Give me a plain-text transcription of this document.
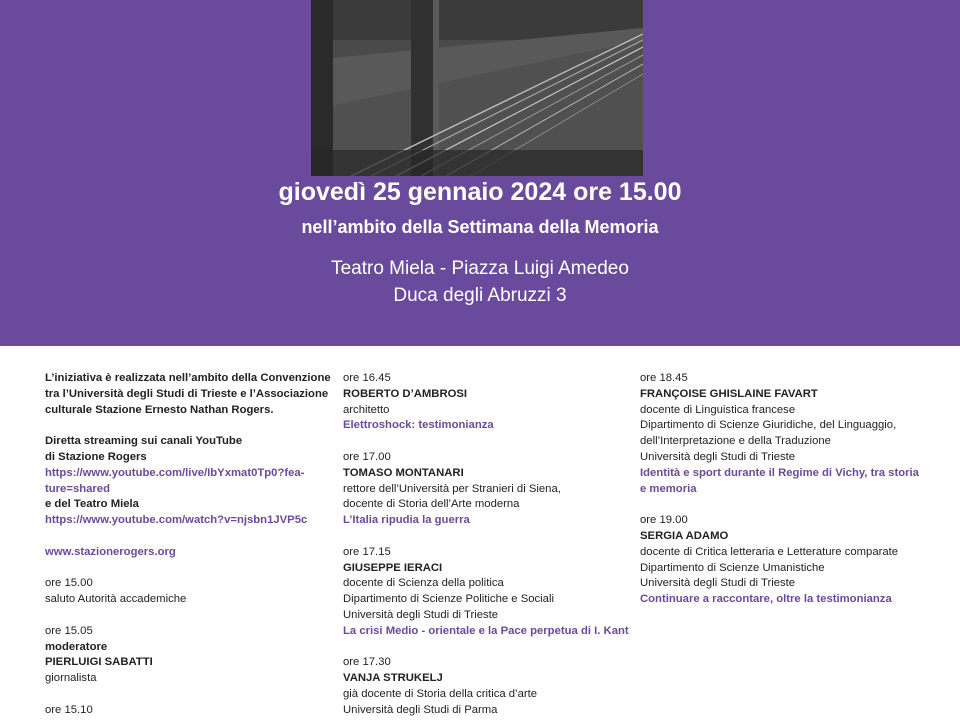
giovedì 25 gennaio 2024 ore 15.00
nell’ambito della Settimana della Memoria
Teatro Miela - Piazza Luigi Amedeo
Duca degli Abruzzi 3
L’iniziativa è realizzata nell’ambito della Convenzione
tra l’Università degli Studi di Trieste e l’Associazione
culturale Stazione Ernesto Nathan Rogers.
Diretta streaming sui canali YouTube
di Stazione Rogers
https://www.youtube.com/live/IbYxmat0Tp0?fea-
ture=shared
e del Teatro Miela
https://www.youtube.com/watch?v=njsbn1JVP5c
www.stazionerogers.org
ore 15.00
saluto Autorità accademiche
ore 15.05
moderatore
PIERLUIGI SABATTI
giornalista
ore 15.10
ore 16.45
ROBERTO D’AMBROSI
architetto
Elettroshock: testimonianza
ore 17.00
TOMASO MONTANARI
rettore dell’Università per Stranieri di Siena,
docente di Storia dell’Arte moderna
L’Italia ripudia la guerra
ore 17.15
GIUSEPPE IERACI
docente di Scienza della politica
Dipartimento di Scienze Politiche e Sociali
Università degli Studi di Trieste
La crisi Medio - orientale e la Pace perpetua di I. Kant
ore 17.30
VANJA STRUKELJ
già docente di Storia della critica d’arte
Università degli Studi di Parma
ore 18.45
FRANÇOISE GHISLAINE FAVART
docente di Linguistica francese
Dipartimento di Scienze Giuridiche, del Linguaggio,
dell’Interpretazione e della Traduzione
Università degli Studi di Trieste
Identità e sport durante il Regime di Vichy, tra storia
e memoria
ore 19.00
SERGIA ADAMO
docente di Critica letteraria e Letterature comparate
Dipartimento di Scienze Umanistiche
Università degli Studi di Trieste
Continuare a raccontare, oltre la testimonianza
